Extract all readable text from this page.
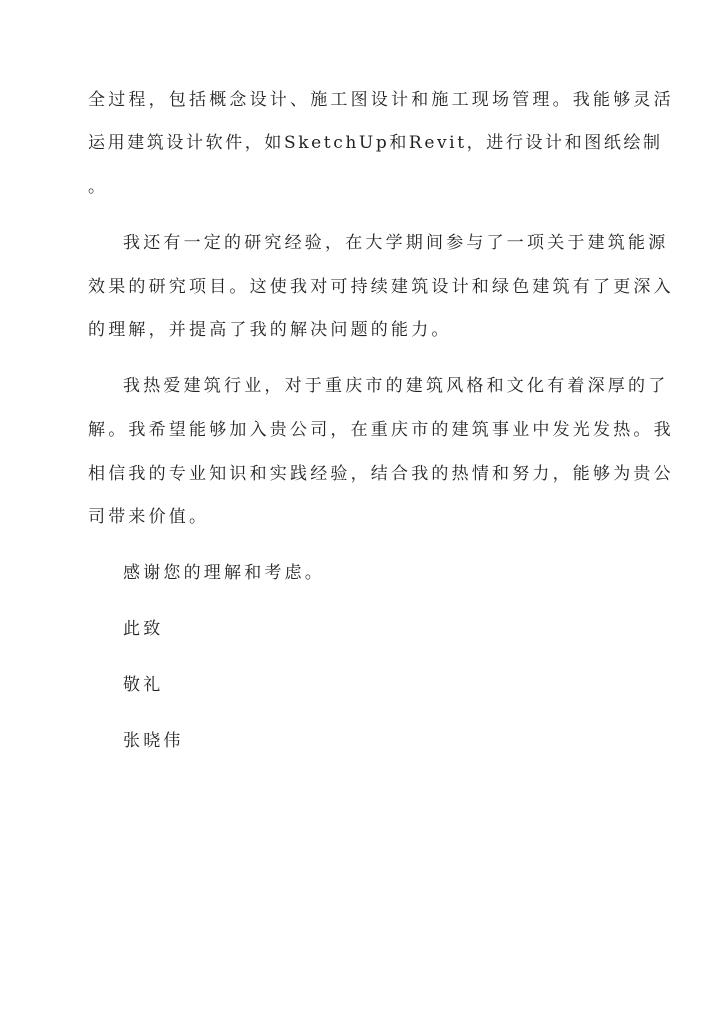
全过程，包括概念设计、施工图设计和施工现场管理。我能够灵活
运用建筑设计软件，如SketchUp和Revit，进行设计和图纸绘制
。
我还有一定的研究经验，在大学期间参与了一项关于建筑能源
效果的研究项目。这使我对可持续建筑设计和绿色建筑有了更深入
的理解，并提高了我的解决问题的能力。
我热爱建筑行业，对于重庆市的建筑风格和文化有着深厚的了
解。我希望能够加入贵公司，在重庆市的建筑事业中发光发热。我
相信我的专业知识和实践经验，结合我的热情和努力，能够为贵公
司带来价值。
感谢您的理解和考虑。
此致
敬礼
张晓伟
